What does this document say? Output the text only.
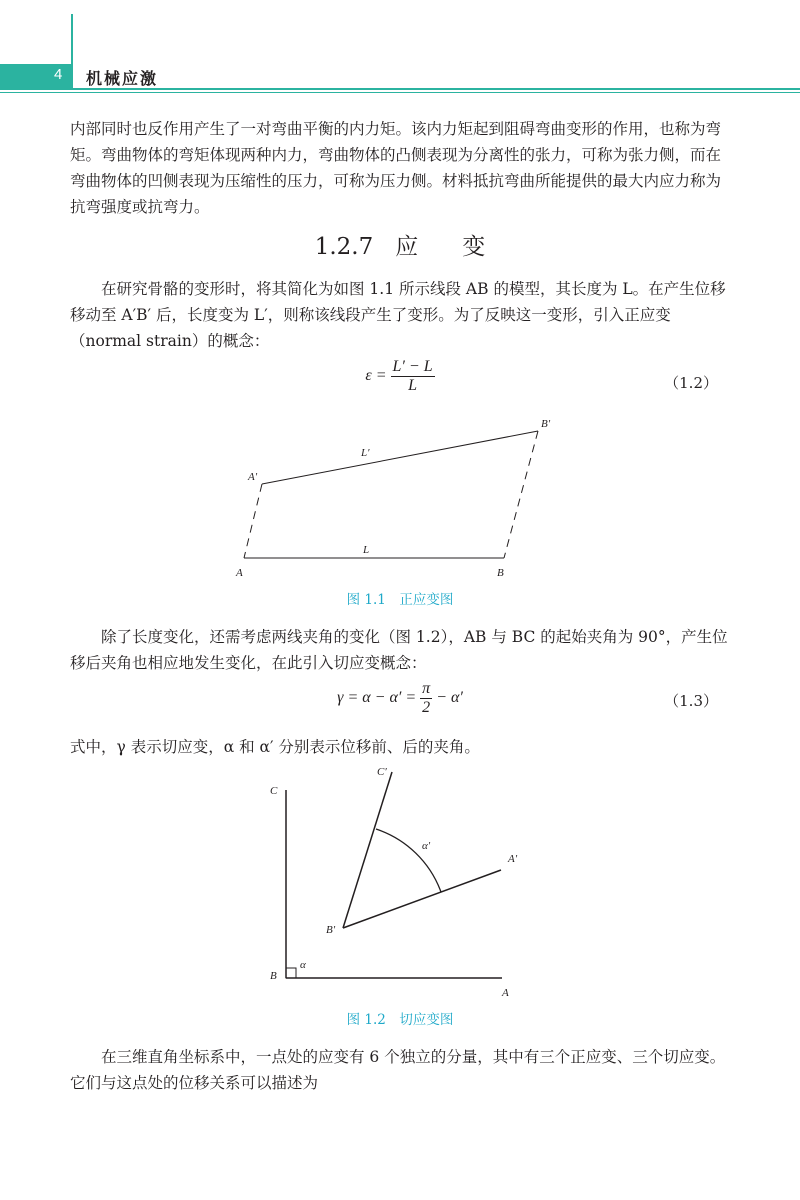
4 机械应激
内部同时也反作用产生了一对弯曲平衡的内力矩。该内力矩起到阻碍弯曲变形的作用，也称为弯矩。弯曲物体的弯矩体现两种内力，弯曲物体的凸侧表现为分离性的张力，可称为张力侧，而在弯曲物体的凹侧表现为压缩性的压力，可称为压力侧。材料抵抗弯曲所能提供的最大内应力称为抗弯强度或抗弯力。
1.2.7 应 变
在研究骨骼的变形时，将其简化为如图 1.1 所示线段 AB 的模型，其长度为 L。在产生位移移动至 A′B′ 后，长度变为 L′，则称该线段产生了变形。为了反映这一变形，引入正应变（normal strain）的概念：
$\varepsilon = \frac{L' - L}{L}$	（1.2）
A	B
A′
B′
L
L′
图 1.1　正应变图
除了长度变化，还需考虑两线夹角的变化（图 1.2），AB 与 BC 的起始夹角为 90°，产生位移后夹角也相应地发生变化，在此引入切应变概念：
$\gamma = \alpha - \alpha' = \frac{\pi}{2} - \alpha'$	（1.3）
式中，γ 表示切应变，α 和 α′ 分别表示位移前、后的夹角。
C
B
A
α
C′
B′
A′
α′
图 1.2　切应变图
在三维直角坐标系中，一点处的应变有 6 个独立的分量，其中有三个正应变、三个切应变。它们与这点处的位移关系可以描述为
